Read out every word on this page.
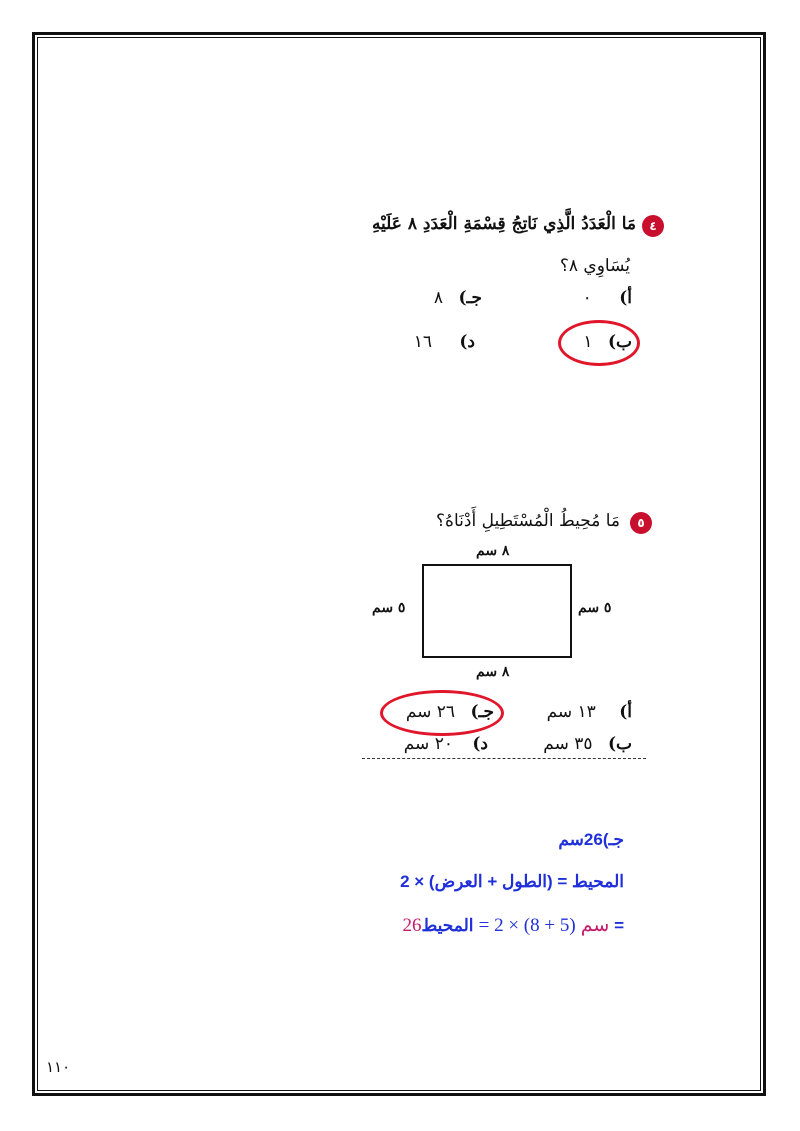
٤
مَا الْعَدَدُ الَّذِي نَاتِجُ قِسْمَةِ الْعَدَدِ ٨ عَلَيْهِ
يُسَاوِي ٨؟
أ) ٠
جـ) ٨
ب) ١
د) ١٦
٥
مَا مُحِيطُ الْمُسْتَطِيلِ أَدْنَاهُ؟
٨ سم
٥ سم	٥ سم
٨ سم
أ) ١٣ سم
جـ) ٢٦ سم
ب) ٣٥ سم
د) ٢٠ سم
جـ)26سم
المحيط = (الطول + العرض) × 2
26سم (5 + 8) × 2 = المحيط =
١١٠
